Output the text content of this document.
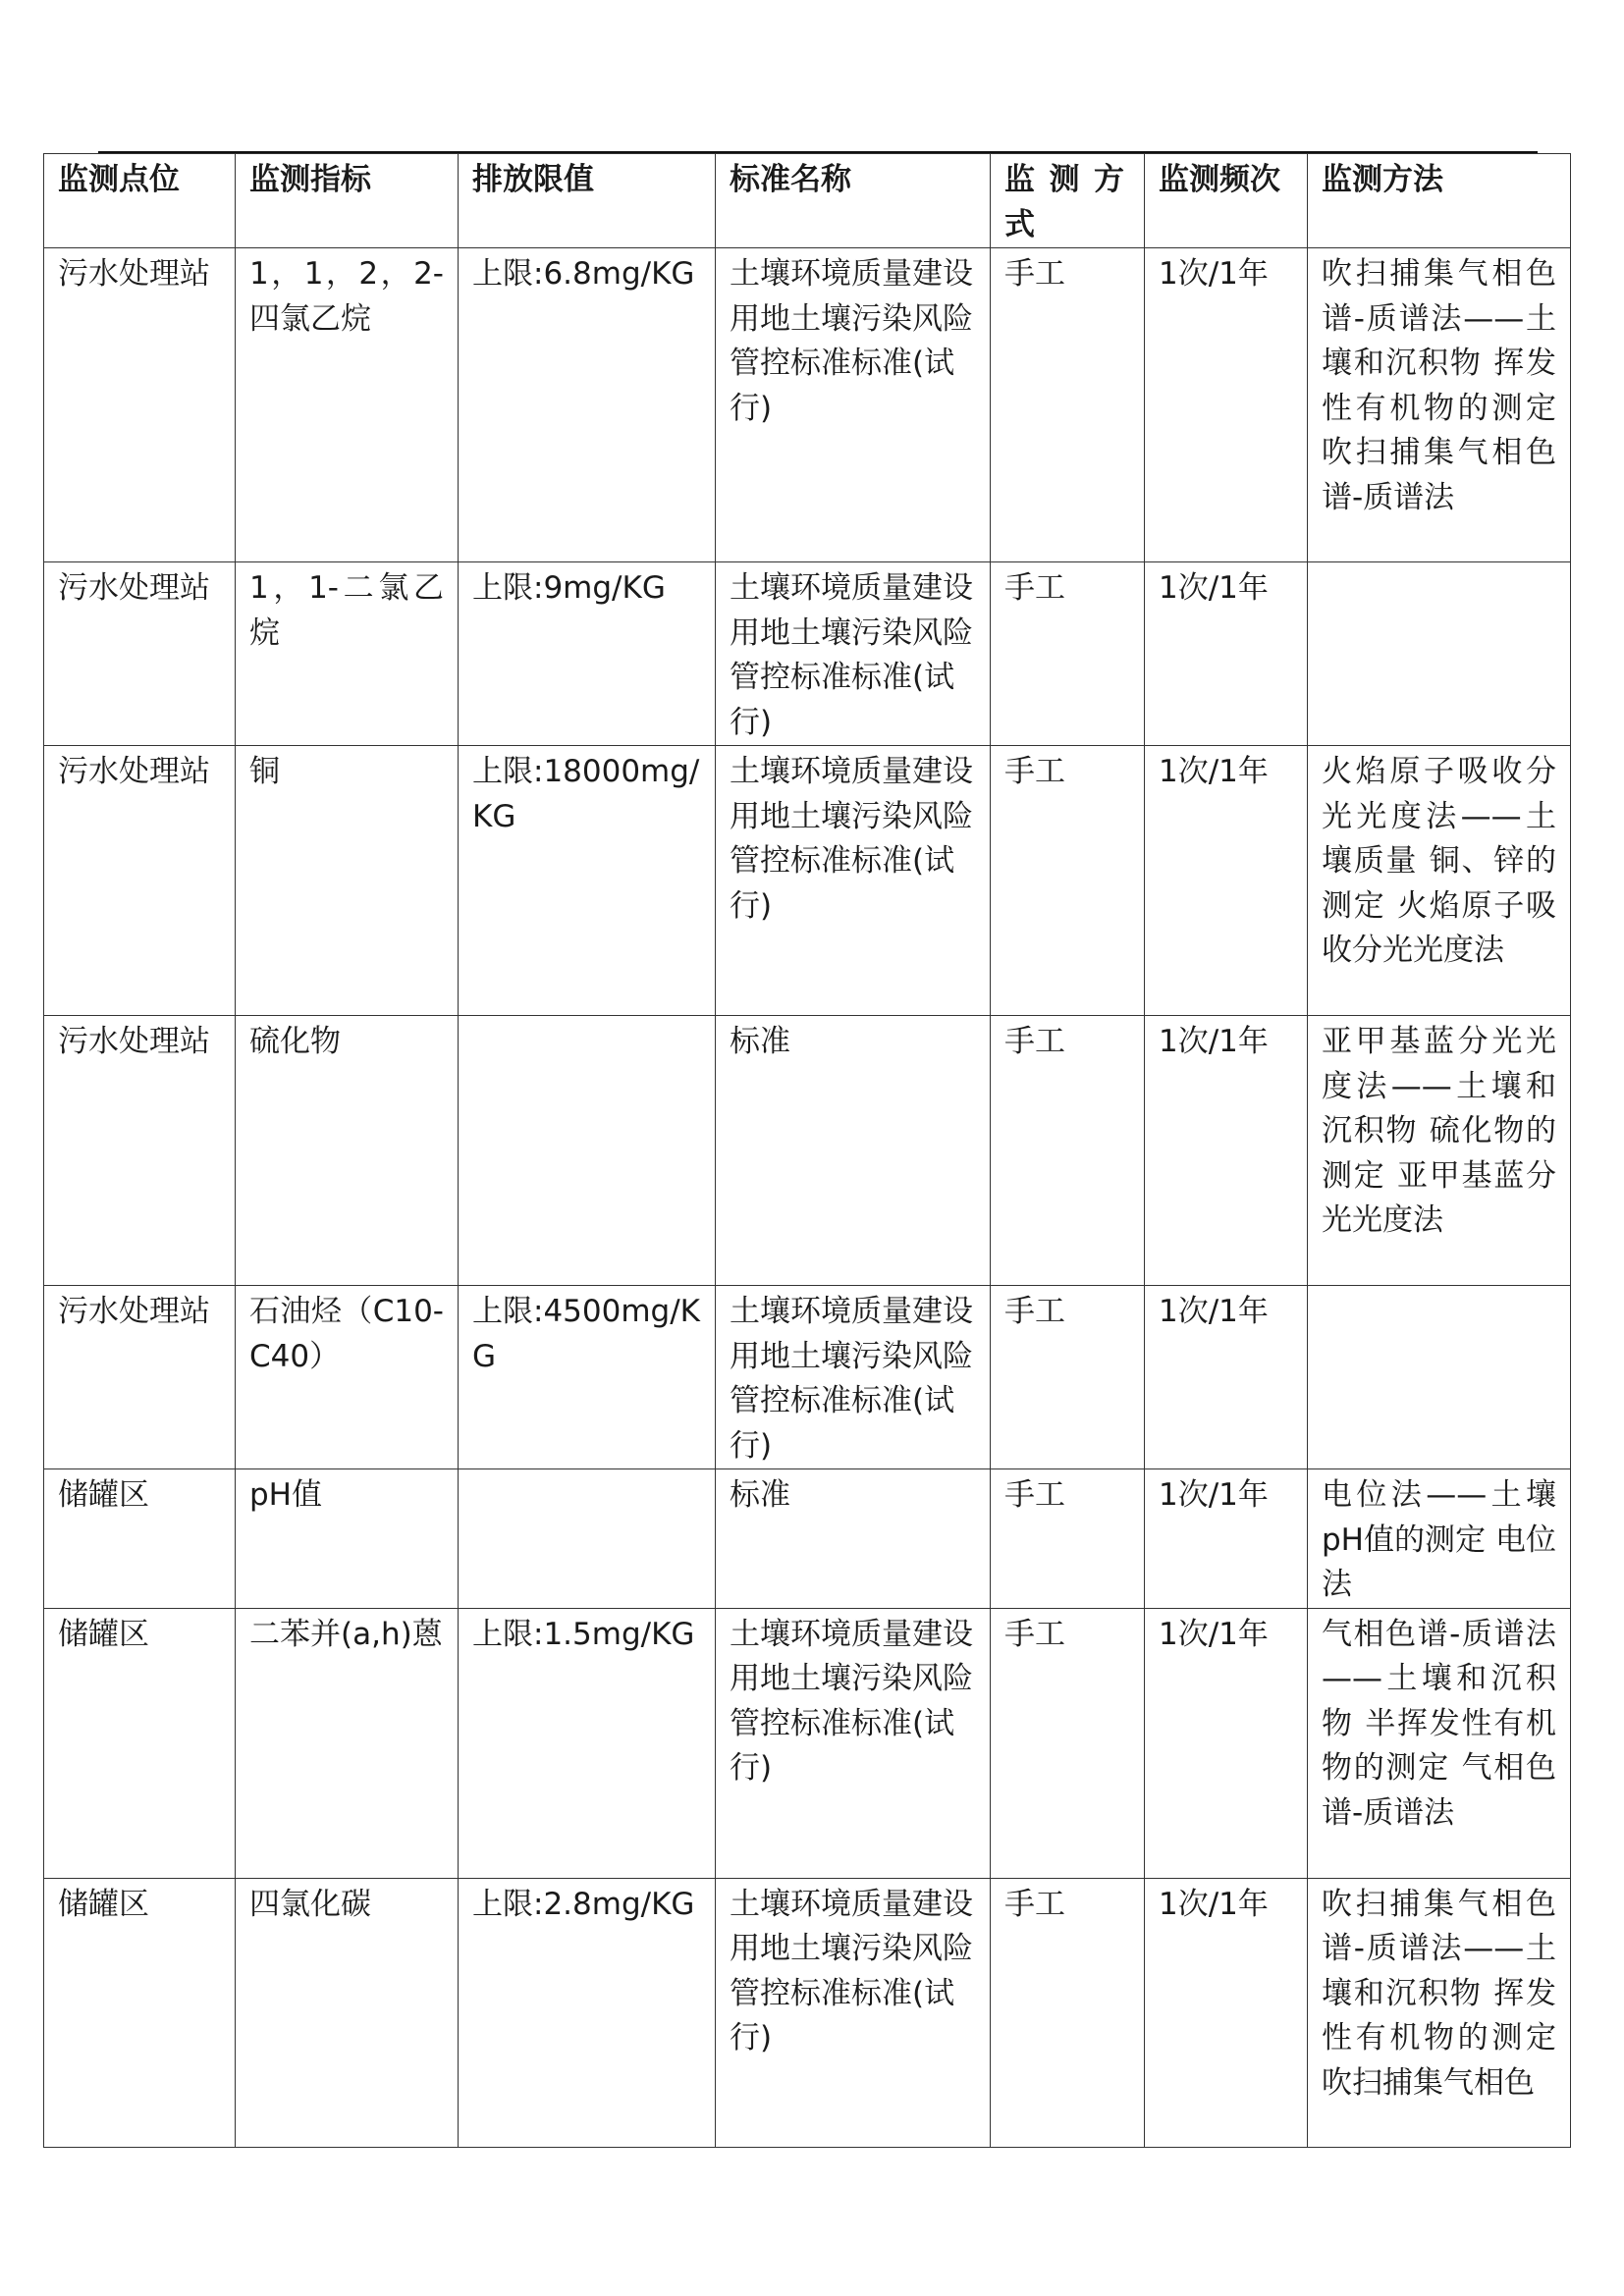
监测点位	监测指标	排放限值	标准名称	监测方式	监测频次	监测方法
污水处理站	1，1，2，2-四氯乙烷	上限:6.8mg/KG	土壤环境质量建设用地土壤污染风险管控标准标准(试行)	手工	1次/1年	吹扫捕集气相色谱-质谱法——土壤和沉积物 挥发性有机物的测定 吹扫捕集气相色谱-质谱法
污水处理站	1，1-二氯乙烷	上限:9mg/KG	土壤环境质量建设用地土壤污染风险管控标准标准(试行)	手工	1次/1年	
污水处理站	铜	上限:18000mg/KG	土壤环境质量建设用地土壤污染风险管控标准标准(试行)	手工	1次/1年	火焰原子吸收分光光度法——土壤质量 铜、锌的测定 火焰原子吸收分光光度法
污水处理站	硫化物		标准	手工	1次/1年	亚甲基蓝分光光度法——土壤和沉积物 硫化物的测定 亚甲基蓝分光光度法
污水处理站	石油烃（C10-C40）	上限:4500mg/KG	土壤环境质量建设用地土壤污染风险管控标准标准(试行)	手工	1次/1年	
储罐区	pH值		标准	手工	1次/1年	电位法——土壤 pH值的测定 电位法
储罐区	二苯并(a,h)蒽	上限:1.5mg/KG	土壤环境质量建设用地土壤污染风险管控标准标准(试行)	手工	1次/1年	气相色谱-质谱法——土壤和沉积物 半挥发性有机物的测定 气相色谱-质谱法
储罐区	四氯化碳	上限:2.8mg/KG	土壤环境质量建设用地土壤污染风险管控标准标准(试行)	手工	1次/1年	吹扫捕集气相色谱-质谱法——土壤和沉积物 挥发性有机物的测定 吹扫捕集气相色
